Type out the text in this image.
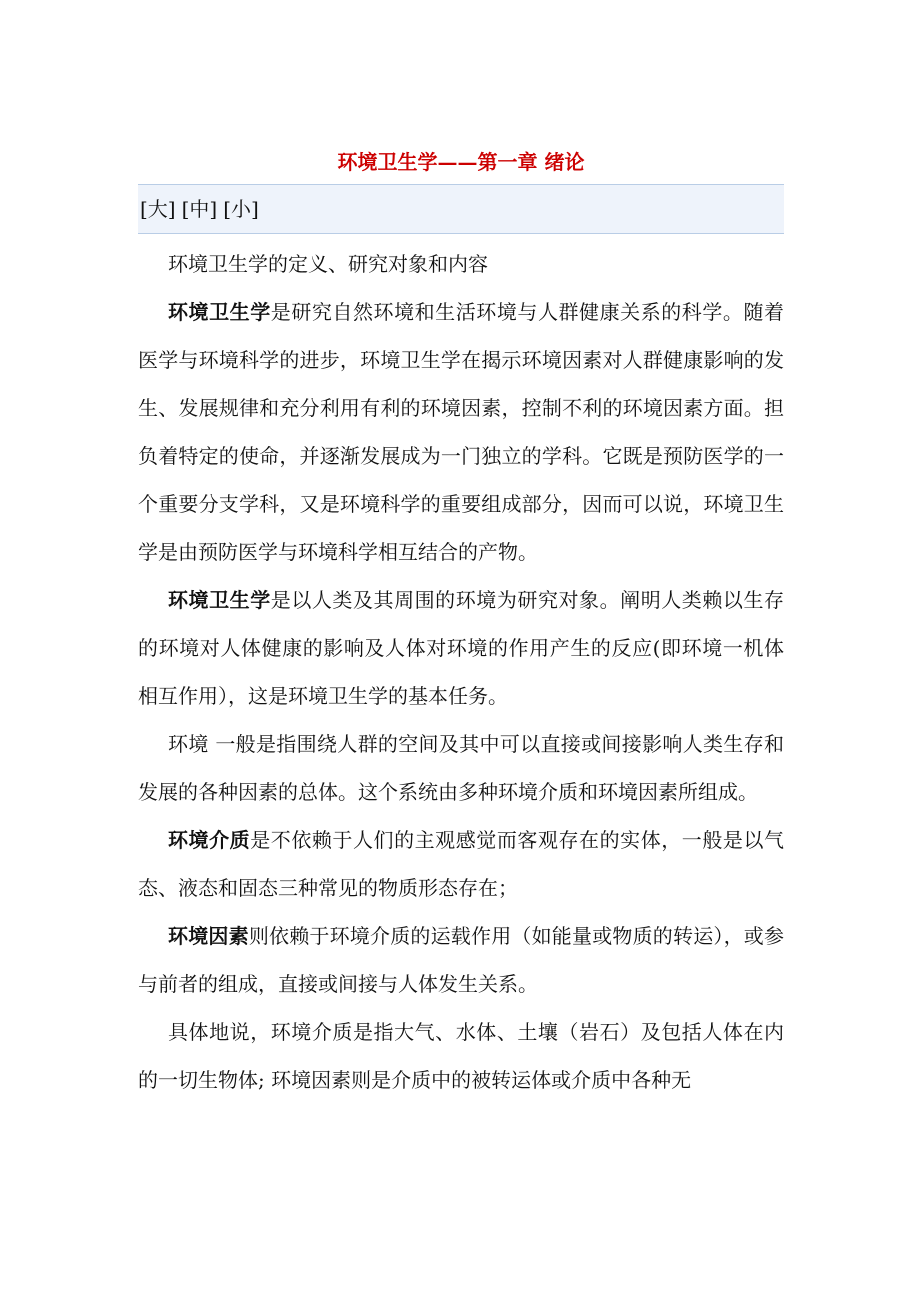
环境卫生学——第一章 绪论
[大] [中] [小]

环境卫生学的定义、研究对象和内容

环境卫生学是研究自然环境和生活环境与人群健康关系的科学。随着医学与环境科学的进步，环境卫生学在揭示环境因素对人群健康影响的发生、发展规律和充分利用有利的环境因素，控制不利的环境因素方面。担负着特定的使命，并逐渐发展成为一门独立的学科。它既是预防医学的一个重要分支学科，又是环境科学的重要组成部分，因而可以说，环境卫生学是由预防医学与环境科学相互结合的产物。

环境卫生学是以人类及其周围的环境为研究对象。阐明人类赖以生存的环境对人体健康的影响及人体对环境的作用产生的反应(即环境一机体相互作用），这是环境卫生学的基本任务。

环境 一般是指围绕人群的空间及其中可以直接或间接影响人类生存和发展的各种因素的总体。这个系统由多种环境介质和环境因素所组成。

环境介质是不依赖于人们的主观感觉而客观存在的实体，一般是以气态、液态和固态三种常见的物质形态存在；

环境因素则依赖于环境介质的运载作用（如能量或物质的转运），或参与前者的组成，直接或间接与人体发生关系。

具体地说，环境介质是指大气、水体、土壤（岩石）及包括人体在内的一切生物体; 环境因素则是介质中的被转运体或介质中各种无
